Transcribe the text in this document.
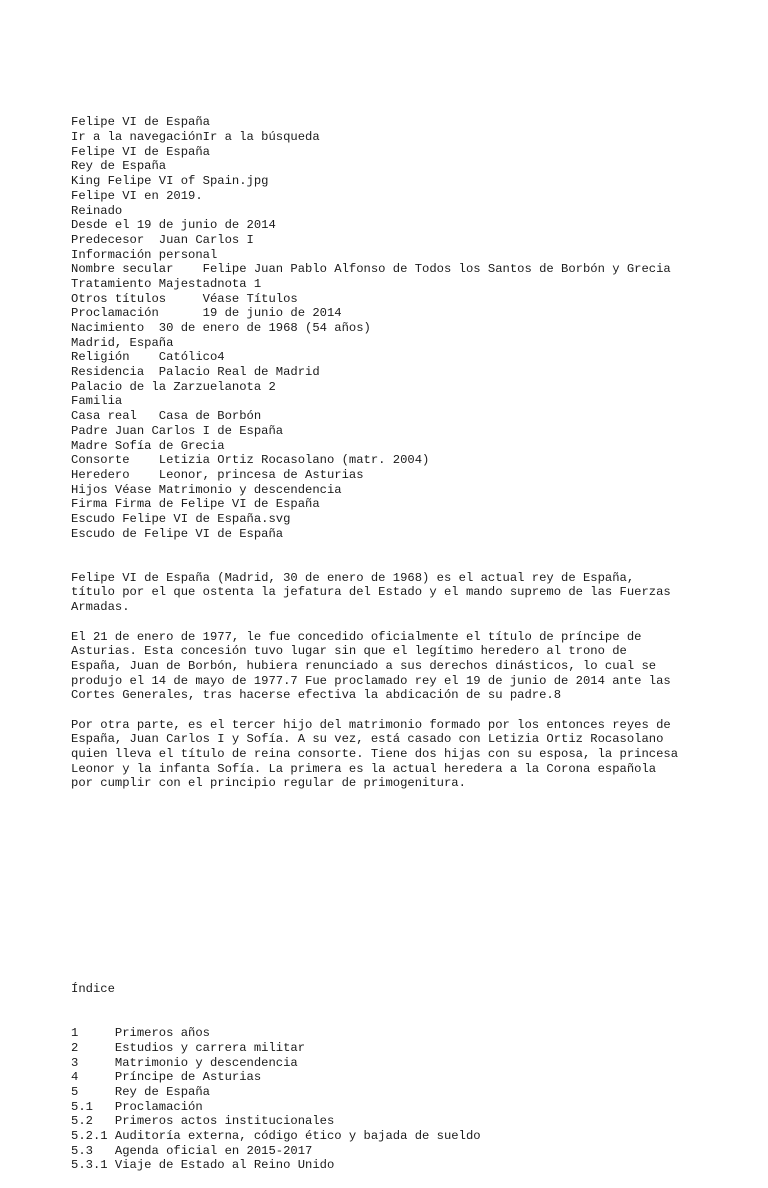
Felipe VI de España
Ir a la navegaciónIr a la búsqueda
Felipe VI de España
Rey de España
King Felipe VI of Spain.jpg
Felipe VI en 2019.
Reinado
Desde el 19 de junio de 2014
Predecesor  Juan Carlos I
Información personal
Nombre secular    Felipe Juan Pablo Alfonso de Todos los Santos de Borbón y Grecia
Tratamiento Majestadnota 1
Otros títulos     Véase Títulos
Proclamación      19 de junio de 2014
Nacimiento  30 de enero de 1968 (54 años)
Madrid, España
Religión    Católico4
Residencia  Palacio Real de Madrid
Palacio de la Zarzuelanota 2
Familia
Casa real   Casa de Borbón
Padre Juan Carlos I de España
Madre Sofía de Grecia
Consorte    Letizia Ortiz Rocasolano (matr. 2004)
Heredero    Leonor, princesa de Asturias
Hijos Véase Matrimonio y descendencia
Firma Firma de Felipe VI de España
Escudo Felipe VI de España.svg
Escudo de Felipe VI de España

Felipe VI de España (Madrid, 30 de enero de 1968) es el actual rey de España,
título por el que ostenta la jefatura del Estado y el mando supremo de las Fuerzas
Armadas.
El 21 de enero de 1977, le fue concedido oficialmente el título de príncipe de
Asturias. Esta concesión tuvo lugar sin que el legítimo heredero al trono de
España, Juan de Borbón, hubiera renunciado a sus derechos dinásticos, lo cual se
produjo el 14 de mayo de 1977.7 Fue proclamado rey el 19 de junio de 2014 ante las
Cortes Generales, tras hacerse efectiva la abdicación de su padre.8
Por otra parte, es el tercer hijo del matrimonio formado por los entonces reyes de
España, Juan Carlos I y Sofía. A su vez, está casado con Letizia Ortiz Rocasolano
quien lleva el título de reina consorte. Tiene dos hijas con su esposa, la princesa
Leonor y la infanta Sofía. La primera es la actual heredera a la Corona española
por cumplir con el principio regular de primogenitura.

Índice

1     Primeros años
2     Estudios y carrera militar
3     Matrimonio y descendencia
4     Príncipe de Asturias
5     Rey de España
5.1   Proclamación
5.2   Primeros actos institucionales
5.2.1 Auditoría externa, código ético y bajada de sueldo
5.3   Agenda oficial en 2015-2017
5.3.1 Viaje de Estado al Reino Unido
